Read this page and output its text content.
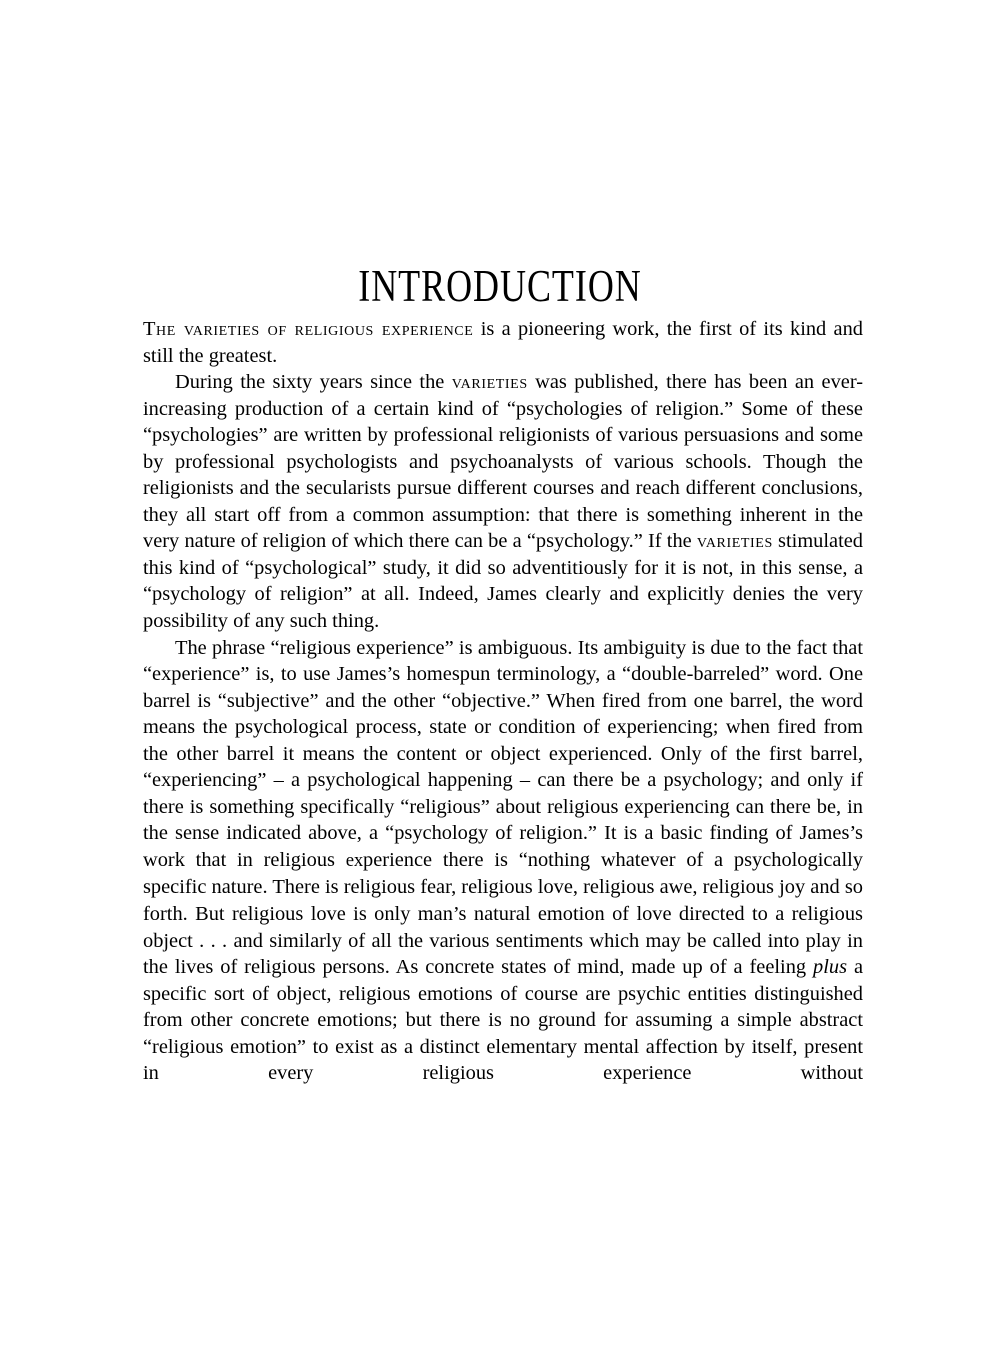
INTRODUCTION

The varieties of religious experience is a pioneering work, the first of its kind and still the greatest.

During the sixty years since the varieties was published, there has been an ever-increasing production of a certain kind of “psychologies of religion.” Some of these “psychologies” are written by professional religionists of various persuasions and some by professional psychologists and psychoanalysts of various schools. Though the religionists and the secularists pursue different courses and reach different conclusions, they all start off from a common assumption: that there is something inherent in the very nature of religion of which there can be a “psychology.” If the varieties stimulated this kind of “psychological” study, it did so adventitiously for it is not, in this sense, a “psychology of religion” at all. Indeed, James clearly and explicitly denies the very possibility of any such thing.

The phrase “religious experience” is ambiguous. Its ambiguity is due to the fact that “experience” is, to use James’s homespun terminology, a “double-barreled” word. One barrel is “subjective” and the other “objective.” When fired from one barrel, the word means the psychological process, state or condition of experiencing; when fired from the other barrel it means the content or object experienced. Only of the first barrel, “experiencing” – a psychological happening – can there be a psychology; and only if there is something specifically “religious” about religious experiencing can there be, in the sense indicated above, a “psychology of religion.” It is a basic finding of James’s work that in religious experience there is “nothing whatever of a psychologically specific nature. There is religious fear, religious love, religious awe, religious joy and so forth. But religious love is only man’s natural emotion of love directed to a religious object . . . and similarly of all the various sentiments which may be called into play in the lives of religious persons. As concrete states of mind, made up of a feeling plus a specific sort of object, religious emotions of course are psychic entities distinguished from other concrete emotions; but there is no ground for assuming a simple abstract “religious emotion” to exist as a distinct elementary mental affection by itself, present in every religious experience without
